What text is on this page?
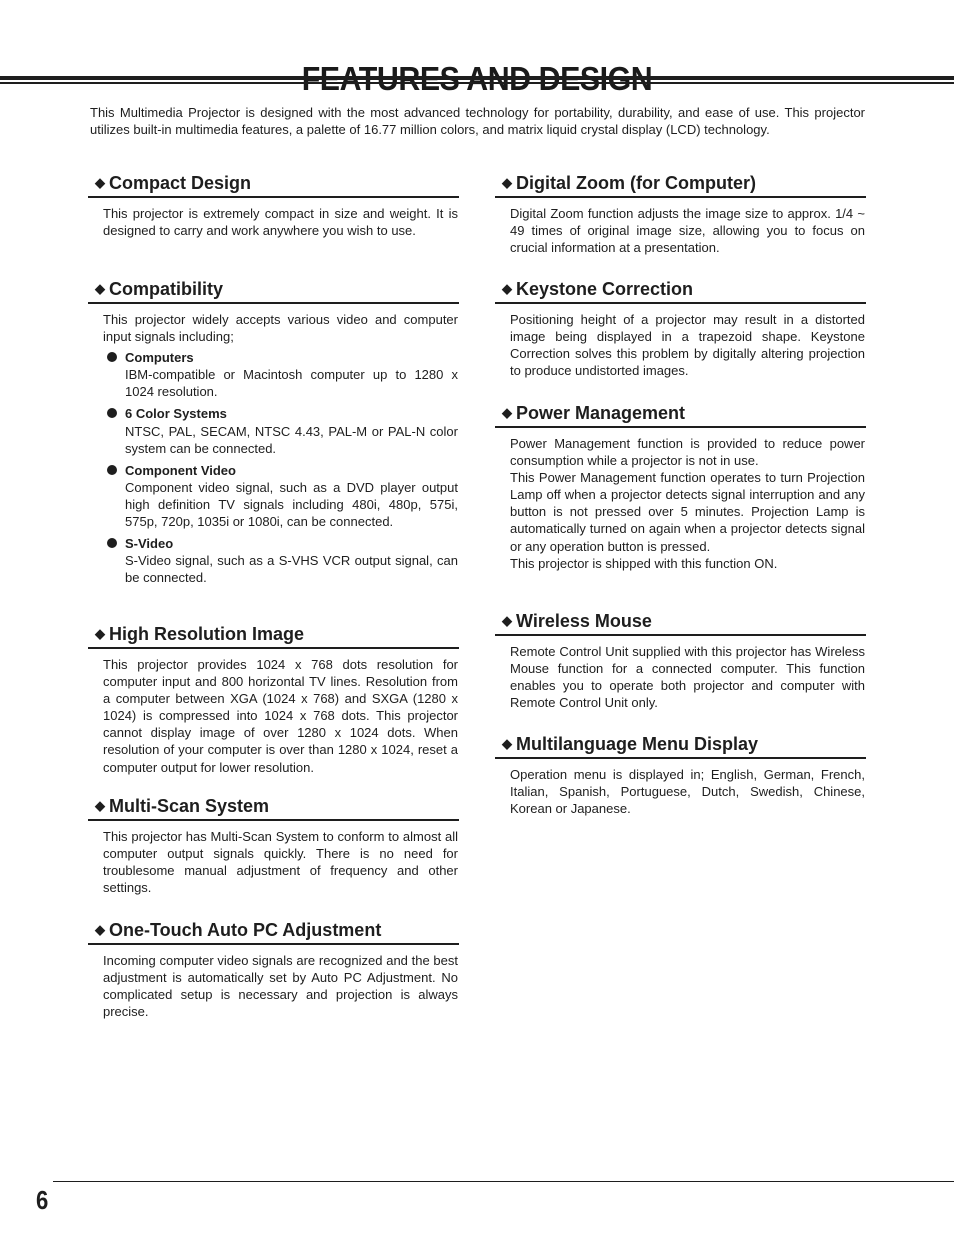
This Multimedia Projector is designed with the most advanced technology for portability, durability, and ease of use. This projector utilizes built-in multimedia features, a palette of 16.77 million colors, and matrix liquid crystal display (LCD) technology.
◆ Compact Design
This projector is extremely compact in size and weight. It is designed to carry and work anywhere you wish to use.
◆ Compatibility
This projector widely accepts various video and computer input signals including;
Computers
IBM-compatible or Macintosh computer up to 1280 x 1024 resolution.
6 Color Systems
NTSC, PAL, SECAM, NTSC 4.43, PAL-M or PAL-N color system can be connected.
Component Video
Component video signal, such as a DVD player output high definition TV signals including 480i, 480p, 575i, 575p, 720p, 1035i or 1080i, can be connected.
S-Video
S-Video signal, such as a S-VHS VCR output signal, can be connected.
◆ High Resolution Image
This projector provides 1024 x 768 dots resolution for computer input and 800 horizontal TV lines. Resolution from a computer between XGA (1024 x 768) and SXGA (1280 x 1024) is compressed into 1024 x 768 dots. This projector cannot display image of over 1280 x 1024 dots. When resolution of your computer is over than 1280 x 1024, reset a computer output for lower resolution.
◆ Multi-Scan System
This projector has Multi-Scan System to conform to almost all computer output signals quickly. There is no need for troublesome manual adjustment of frequency and other settings.
◆ One-Touch Auto PC Adjustment
Incoming computer video signals are recognized and the best adjustment is automatically set by Auto PC Adjustment. No complicated setup is necessary and projection is always precise.
◆ Digital Zoom (for Computer)
Digital Zoom function adjusts the image size to approx. 1/4 ~ 49 times of original image size, allowing you to focus on crucial information at a presentation.
◆ Keystone Correction
Positioning height of a projector may result in a distorted image being displayed in a trapezoid shape. Keystone Correction solves this problem by digitally altering projection to produce undistorted images.
◆ Power Management

Power Management function is provided to reduce power consumption while a projector is not in use.

This Power Management function operates to turn Projection Lamp off when a projector detects signal interruption and any button is not pressed over 5 minutes. Projection Lamp is automatically turned on again when a projector detects signal or any operation button is pressed.

This projector is shipped with this function ON.

◆ Wireless Mouse
Remote Control Unit supplied with this projector has Wireless Mouse function for a connected computer. This function enables you to operate both projector and computer with Remote Control Unit only.
◆ Multilanguage Menu Display
Operation menu is displayed in; English, German, French, Italian, Spanish, Portuguese, Dutch, Swedish, Chinese, Korean or Japanese.
6
